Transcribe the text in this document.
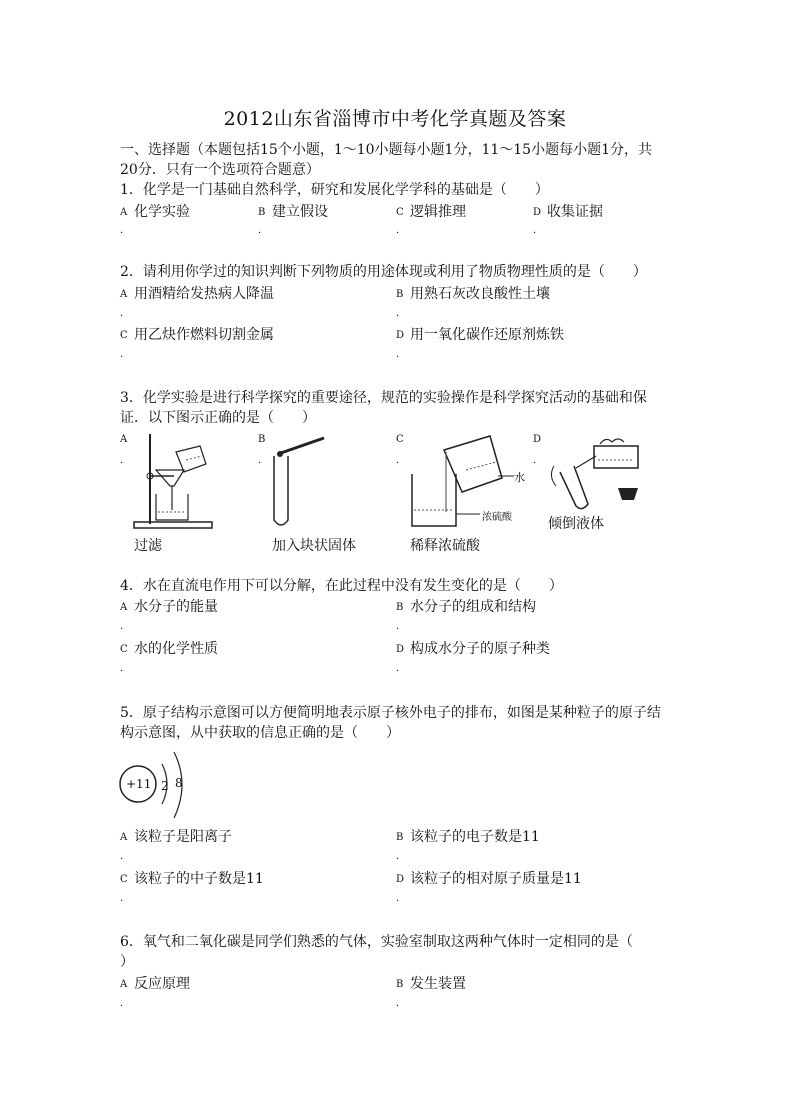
2012山东省淄博市中考化学真题及答案
一、选择题（本题包括15个小题，1～10小题每小题1分，11～15小题每小题1分，共
20分．只有一个选项符合题意）
1．化学是一门基础自然科学，研究和发展化学学科的基础是（　　）
A 化学实验	B 建立假设	C 逻辑推理	D 收集证据
．	．	．	．
2．请利用你学过的知识判断下列物质的用途体现或利用了物质物理性质的是（　　）
A 用酒精给发热病人降温	B 用熟石灰改良酸性土壤
．	．
C 用乙炔作燃料切割金属	D 用一氧化碳作还原剂炼铁
．	．
3．化学实验是进行科学探究的重要途径，规范的实验操作是科学探究活动的基础和保
证．以下图示正确的是（　　）
A	B	C	D
．	．	．	．
过滤	加入块状固体
水
浓硫酸
稀释浓硫酸
倾倒液体
4．水在直流电作用下可以分解，在此过程中没有发生变化的是（　　）
A 水分子的能量	B 水分子的组成和结构
．	．
C 水的化学性质	D 构成水分子的原子种类
．	．
5．原子结构示意图可以方便简明地表示原子核外电子的排布，如图是某种粒子的原子结
构示意图，从中获取的信息正确的是（　　）
+11 2 8
A 该粒子是阳离子	B 该粒子的电子数是11
．	．
C 该粒子的中子数是11	D 该粒子的相对原子质量是11
．	．
6．氧气和二氧化碳是同学们熟悉的气体，实验室制取这两种气体时一定相同的是（
）
A 反应原理	B 发生装置
．	．
